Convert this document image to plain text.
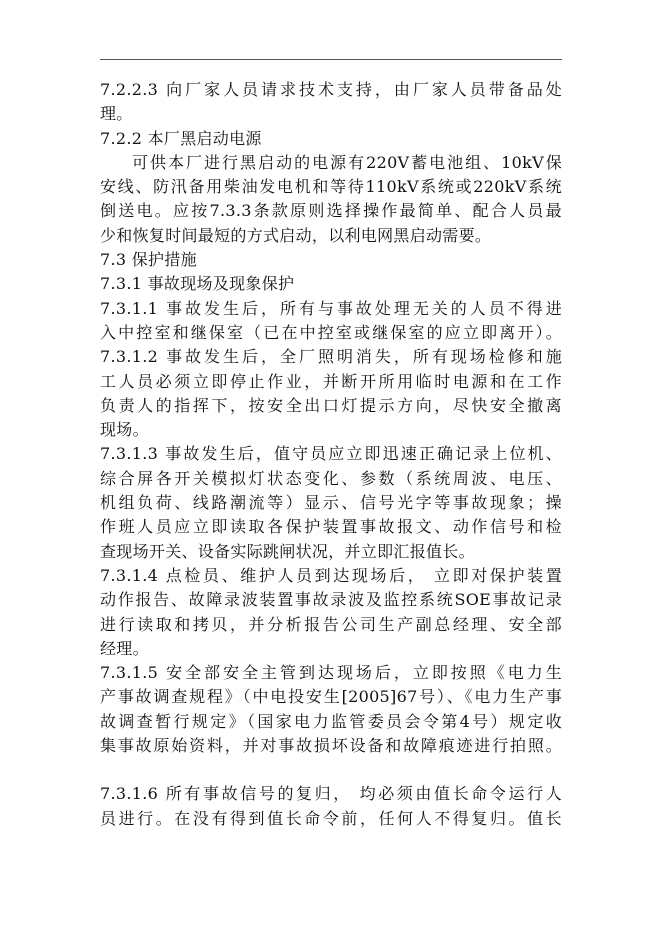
7.2.2.3 向厂家人员请求技术支持，由厂家人员带备品处
理。
7.2.2 本厂黑启动电源
可供本厂进行黑启动的电源有220V蓄电池组、10kV保
安线、防汛备用柴油发电机和等待110kV系统或220kV系统
倒送电。应按7.3.3条款原则选择操作最简单、配合人员最
少和恢复时间最短的方式启动，以利电网黑启动需要。
7.3 保护措施
7.3.1 事故现场及现象保护
7.3.1.1 事故发生后，所有与事故处理无关的人员不得进
入中控室和继保室（已在中控室或继保室的应立即离开）。
7.3.1.2 事故发生后，全厂照明消失，所有现场检修和施
工人员必须立即停止作业，并断开所用临时电源和在工作
负责人的指挥下，按安全出口灯提示方向，尽快安全撤离
现场。
7.3.1.3 事故发生后，值守员应立即迅速正确记录上位机、
综合屏各开关模拟灯状态变化、参数（系统周波、电压、
机组负荷、线路潮流等）显示、信号光字等事故现象；操
作班人员应立即读取各保护装置事故报文、动作信号和检
查现场开关、设备实际跳闸状况，并立即汇报值长。
7.3.1.4 点检员、维护人员到达现场后， 立即对保护装置
动作报告、故障录波装置事故录波及监控系统SOE事故记录
进行读取和拷贝，并分析报告公司生产副总经理、安全部
经理。
7.3.1.5 安全部安全主管到达现场后，立即按照《电力生
产事故调查规程》（中电投安生[2005]67号）、《电力生产事
故调查暂行规定》（国家电力监管委员会令第4号）规定收
集事故原始资料，并对事故损坏设备和故障痕迹进行拍照。
7.3.1.6 所有事故信号的复归， 均必须由值长命令运行人
员进行。在没有得到值长命令前，任何人不得复归。值长
